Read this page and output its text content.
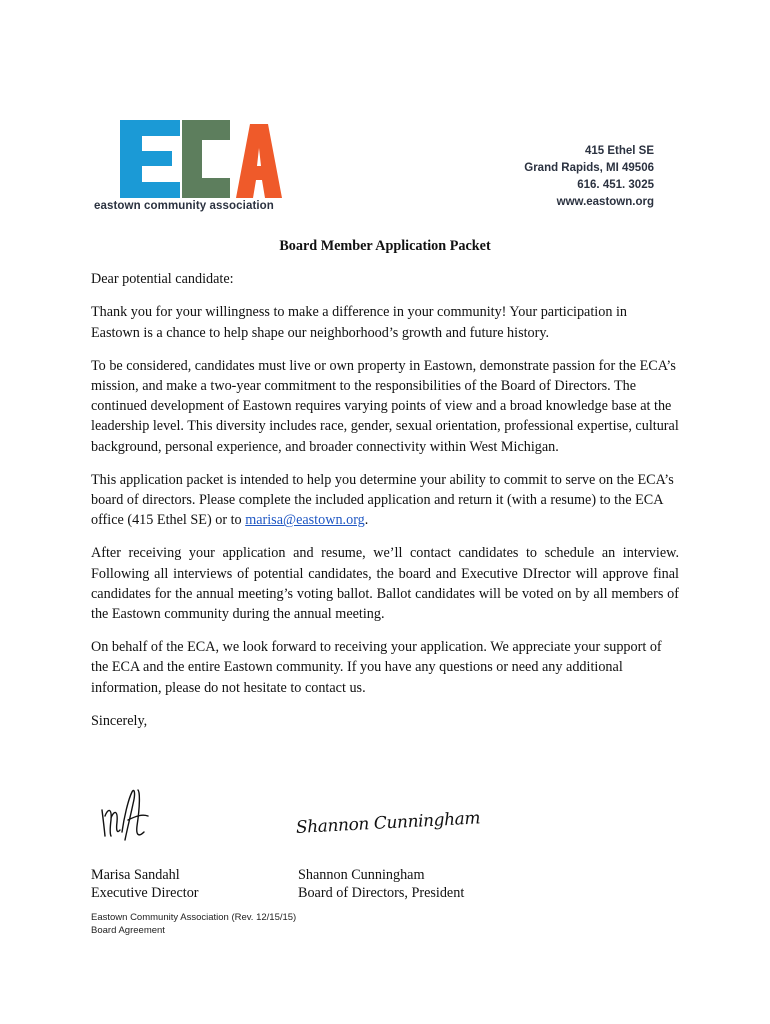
eastown community association
415 Ethel SE
Grand Rapids, MI 49506
616. 451. 3025
www.eastown.org

Board Member Application Packet

Dear potential candidate:

Thank you for your willingness to make a difference in your community! Your participation in Eastown is a chance to help shape our neighborhood’s growth and future history.

To be considered, candidates must live or own property in Eastown, demonstrate passion for the ECA’s mission, and make a two-year commitment to the responsibilities of the Board of Directors. The continued development of Eastown requires varying points of view and a broad knowledge base at the leadership level. This diversity includes race, gender, sexual orientation, professional expertise, cultural background, personal experience, and broader connectivity within West Michigan.

This application packet is intended to help you determine your ability to commit to serve on the ECA’s board of directors. Please complete the included application and return it (with a resume) to the ECA office (415 Ethel SE) or to marisa@eastown.org.

After receiving your application and resume, we’ll contact candidates to schedule an interview. Following all interviews of potential candidates, the board and Executive DIrector will approve final candidates for the annual meeting’s voting ballot. Ballot candidates will be voted on by all members of the Eastown community during the annual meeting.

On behalf of the ECA, we look forward to receiving your application. We appreciate your support of the ECA and the entire Eastown community. If you have any questions or need any additional information, please do not hesitate to contact us.

Sincerely,

Shannon Cunningham
Marisa Sandahl
Executive Director
Shannon Cunningham
Board of Directors, President
Eastown Community Association (Rev. 12/15/15)
Board Agreement
